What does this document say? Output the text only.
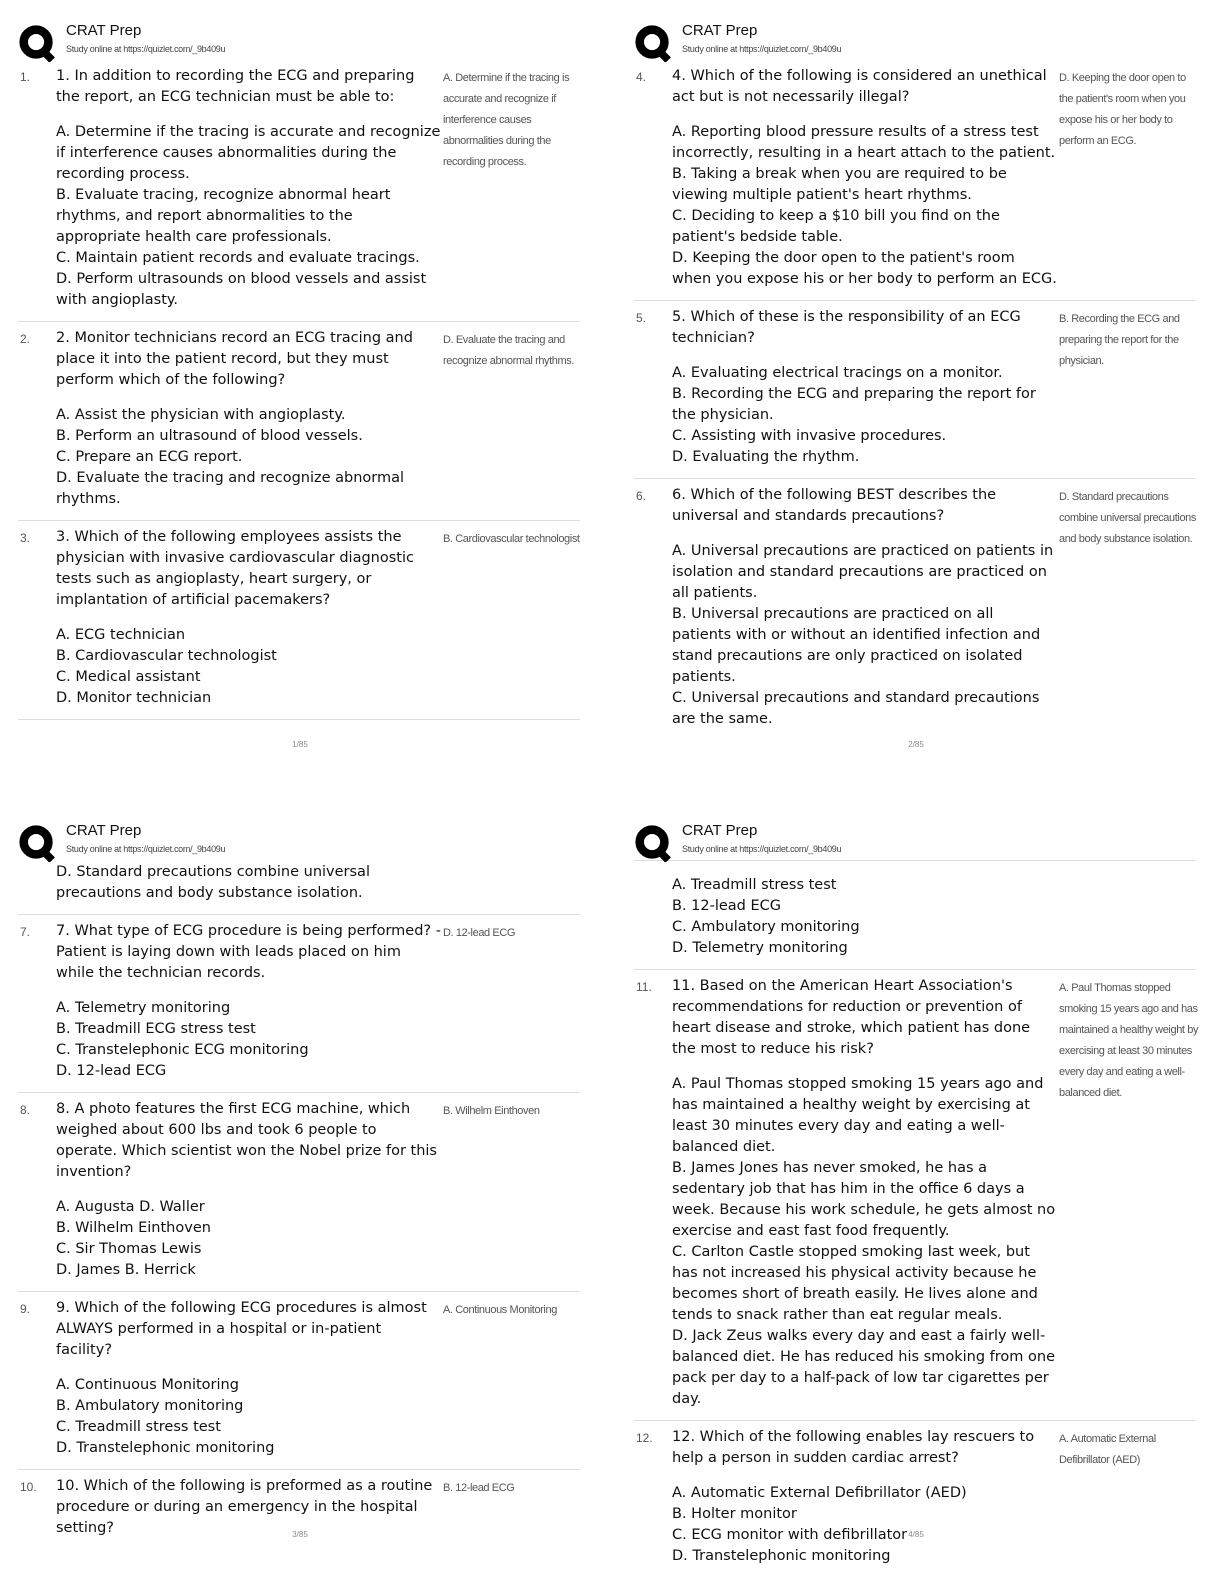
CRAT Prep
Study online at https://quizlet.com/_9b409u
1. 1. In addition to recording the ECG and preparing the report, an ECG technician must be able to:
A. Determine if the tracing is accurate and recognize if interference causes abnormalities during the recording process.
B. Evaluate tracing, recognize abnormal heart rhythms, and report abnormalities to the appropriate health care professionals.
C. Maintain patient records and evaluate tracings.
D. Perform ultrasounds on blood vessels and assist with angioplasty.
A. Determine if the tracing is accurate and recognize if interference causes abnormalities during the recording process.
2. 2. Monitor technicians record an ECG tracing and place it into the patient record, but they must perform which of the following?
A. Assist the physician with angioplasty.
B. Perform an ultrasound of blood vessels.
C. Prepare an ECG report.
D. Evaluate the tracing and recognize abnormal rhythms.
D. Evaluate the tracing and recognize abnormal rhythms.
3. 3. Which of the following employees assists the physician with invasive cardiovascular diagnostic tests such as angioplasty, heart surgery, or implantation of artificial pacemakers?
A. ECG technician
B. Cardiovascular technologist
C. Medical assistant
D. Monitor technician
B. Cardiovascular technologist
1/85
CRAT Prep
Study online at https://quizlet.com/_9b409u
4. 4. Which of the following is considered an unethical act but is not necessarily illegal?
A. Reporting blood pressure results of a stress test incorrectly, resulting in a heart attach to the patient.
B. Taking a break when you are required to be viewing multiple patient's heart rhythms.
C. Deciding to keep a $10 bill you find on the patient's bedside table.
D. Keeping the door open to the patient's room when you expose his or her body to perform an ECG.
D. Keeping the door open to the patient's room when you expose his or her body to perform an ECG.
5. 5. Which of these is the responsibility of an ECG technician?
A. Evaluating electrical tracings on a monitor.
B. Recording the ECG and preparing the report for the physician.
C. Assisting with invasive procedures.
D. Evaluating the rhythm.
B. Recording the ECG and preparing the report for the physician.
6. 6. Which of the following BEST describes the universal and standards precautions?
A. Universal precautions are practiced on patients in isolation and standard precautions are practiced on all patients.
B. Universal precautions are practiced on all patients with or without an identified infection and stand precautions are only practiced on isolated patients.
C. Universal precautions and standard precautions are the same.
D. Standard precautions combine universal precautions and body substance isolation.
2/85
CRAT Prep
Study online at https://quizlet.com/_9b409u
D. Standard precautions combine universal precautions and body substance isolation.
7. 7. What type of ECG procedure is being performed? - Patient is laying down with leads placed on him while the technician records.
A. Telemetry monitoring
B. Treadmill ECG stress test
C. Transtelephonic ECG monitoring
D. 12-lead ECG
D. 12-lead ECG
8. 8. A photo features the first ECG machine, which weighed about 600 lbs and took 6 people to operate. Which scientist won the Nobel prize for this invention?
A. Augusta D. Waller
B. Wilhelm Einthoven
C. Sir Thomas Lewis
D. James B. Herrick
B. Wilhelm Einthoven
9. 9. Which of the following ECG procedures is almost ALWAYS performed in a hospital or in-patient facility?
A. Continuous Monitoring
B. Ambulatory monitoring
C. Treadmill stress test
D. Transtelephonic monitoring
A. Continuous Monitoring
10. 10. Which of the following is preformed as a routine procedure or during an emergency in the hospital setting?
B. 12-lead ECG
3/85
CRAT Prep
Study online at https://quizlet.com/_9b409u
A. Treadmill stress test
B. 12-lead ECG
C. Ambulatory monitoring
D. Telemetry monitoring
11. 11. Based on the American Heart Association's recommendations for reduction or prevention of heart disease and stroke, which patient has done the most to reduce his risk?
A. Paul Thomas stopped smoking 15 years ago and has maintained a healthy weight by exercising at least 30 minutes every day and eating a well-balanced diet.
B. James Jones has never smoked, he has a sedentary job that has him in the office 6 days a week. Because his work schedule, he gets almost no exercise and east fast food frequently.
C. Carlton Castle stopped smoking last week, but has not increased his physical activity because he becomes short of breath easily. He lives alone and tends to snack rather than eat regular meals.
D. Jack Zeus walks every day and east a fairly well-balanced diet. He has reduced his smoking from one pack per day to a half-pack of low tar cigarettes per day.
A. Paul Thomas stopped smoking 15 years ago and has maintained a healthy weight by exercising at least 30 minutes every day and eating a well-balanced diet.
12. 12. Which of the following enables lay rescuers to help a person in sudden cardiac arrest?
A. Automatic External Defibrillator (AED)
B. Holter monitor
C. ECG monitor with defibrillator
D. Transtelephonic monitoring
A. Automatic External Defibrillator (AED)
4/85
